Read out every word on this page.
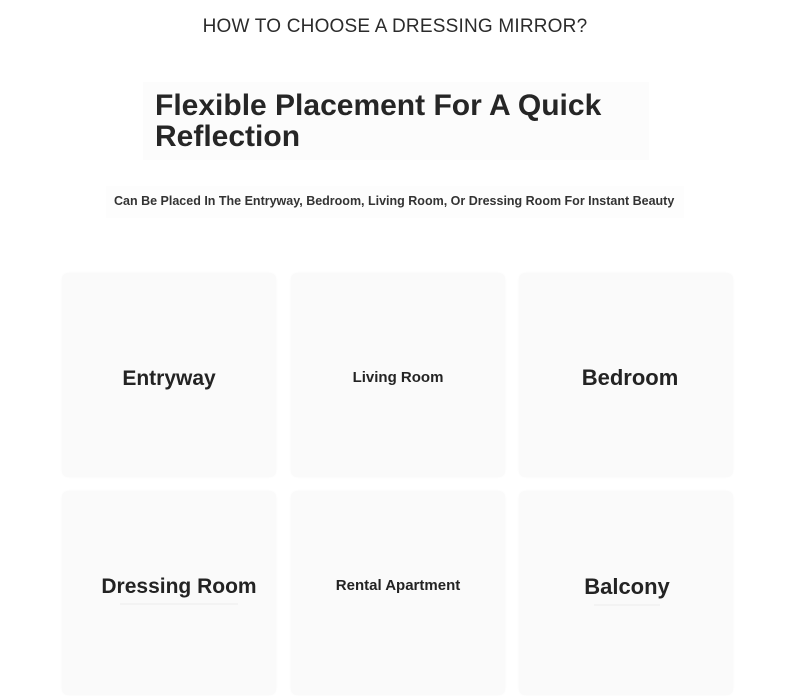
HOW TO CHOOSE A DRESSING MIRROR?
Flexible Placement For A Quick Reflection
Can Be Placed In The Entryway, Bedroom, Living Room, Or Dressing Room For Instant Beauty
Entryway	Living Room	Bedroom
Dressing Room	Rental Apartment	Balcony
